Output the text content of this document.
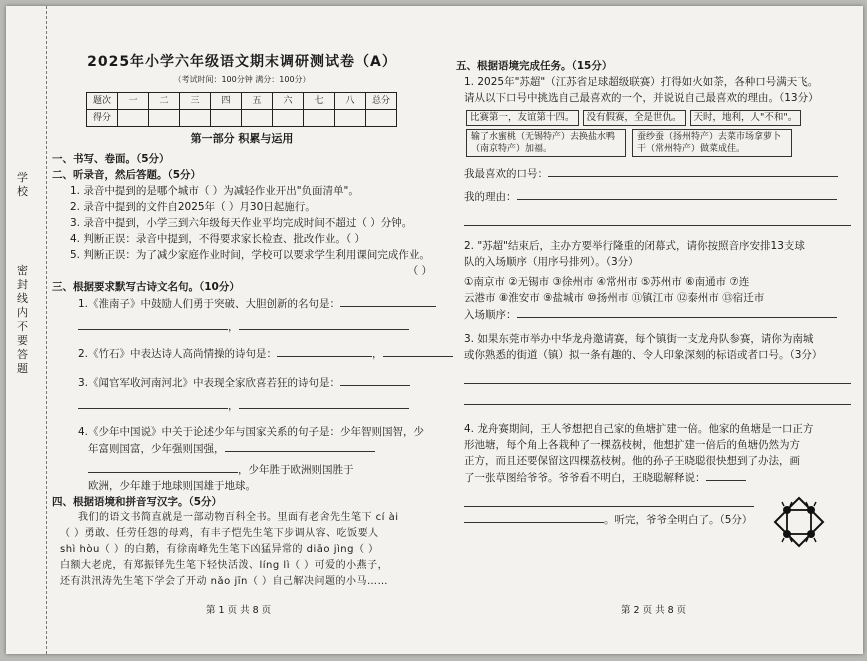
学校
密封线内不要答题
2025年小学六年级语文期末调研测试卷（A）
（考试时间：100分钟 满分：100分）
题次	一	二	三	四	五	六	七	八	总分
得分									
第一部分 积累与运用
一、书写、卷面。（5分）
二、听录音，然后答题。（5分）
1. 录音中提到的是哪个城市（ ）为减轻作业开出"负面清单"。
2. 录音中提到的文件自2025年（ ）月30日起施行。
3. 录音中提到，小学三到六年级每天作业平均完成时间不超过（ ）分钟。
4. 判断正误：录音中提到，不得要求家长检查、批改作业。（ ）
5. 判断正误：为了减少家庭作业时间，学校可以要求学生利用课间完成作业。
（ ）
三、根据要求默写古诗文名句。（10分）
1.《淮南子》中鼓励人们勇于突破、大胆创新的名句是：
，
2.《竹石》中表达诗人高尚情操的诗句是：	，
3.《闻官军收河南河北》中表现全家欣喜若狂的诗句是：
，
4.《少年中国说》中关于论述少年与国家关系的句子是：少年智则国智，少
年富则国富，少年强则国强，
，少年胜于欧洲则国胜于
欧洲，少年雄于地球则国雄于地球。
四、根据语境和拼音写汉字。（5分）
我们的语文书简直就是一部动物百科全书。里面有老舍先生笔下 cí ài
（ ）勇敢、任劳任怨的母鸡，有丰子恺先生笔下步调从容、吃饭要人
shì hòu（ ）的白鹅，有徐南峰先生笔下凶猛异常的 diāo jìng（ ）
白额大老虎，有郑振铎先生笔下轻快活泼、líng lì（ ）可爱的小燕子，
还有洪汛涛先生笔下学会了开动 nǎo jīn（ ）自己解决问题的小马……
第 1 页 共 8 页
五、根据语境完成任务。（15分）
1. 2025年"苏超"（江苏省足球超级联赛）打得如火如荼，各种口号满天飞。
请从以下口号中挑选自己最喜欢的一个，并说说自己最喜欢的理由。（13分）
比赛第一，友谊第十四。 没有假赛，全是世仇。 天时，地利，人"不和"。
输了水蜜桃（无锡特产）去换盐水鸭（南京特产）加福。蚕纱蚕（扬州特产）去菜市场拿萝卜干（常州特产）做菜成佳。
我最喜欢的口号：
我的理由：
2. "苏超"结束后，主办方要举行隆重的闭幕式，请你按照音序安排13支球
队的入场顺序（用序号排列）。（3分）
①南京市 ②无锡市 ③徐州市 ④常州市 ⑤苏州市 ⑥南通市 ⑦连
云港市 ⑧淮安市 ⑨盐城市 ⑩扬州市 ⑪镇江市 ⑫泰州市 ⑬宿迁市
入场顺序：
3. 如果东莞市举办中华龙舟邀请赛，每个镇街一支龙舟队参赛，请你为南城
或你熟悉的街道（镇）拟一条有趣的、令人印象深刻的标语或者口号。（3分）
4. 龙舟赛期间，王人爷想把自己家的鱼塘扩建一倍。他家的鱼塘是一口正方
形池塘，每个角上各栽种了一棵荔枝树，他想扩建一倍后的鱼塘仍然为方
正方，而且还要保留这四棵荔枝树。他的孙子王晓聪很快想到了办法，画
了一张草图给爷爷。爷爷看不明白，王晓聪解释说：
。听完，爷爷全明白了。（5分）
第 2 页 共 8 页
